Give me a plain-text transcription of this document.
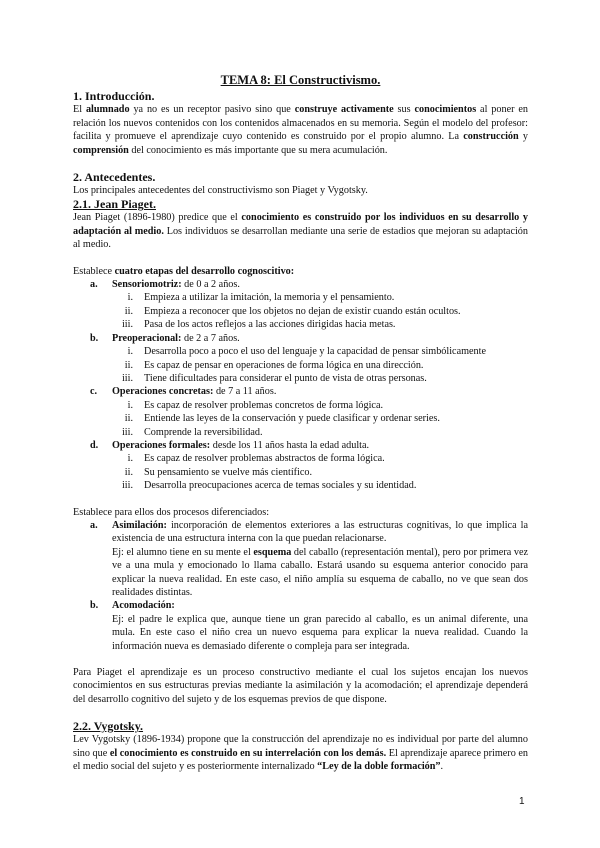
TEMA 8: El Constructivismo.
1. Introducción.

El alumnado ya no es un receptor pasivo sino que construye activamente sus conocimientos al poner en relación los nuevos contenidos con los contenidos almacenados en su memoria. Según el modelo del profesor: facilita y promueve el aprendizaje cuyo contenido es construido por el propio alumno. La construcción y comprensión del conocimiento es más importante que su mera acumulación.

2. Antecedentes.

Los principales antecedentes del constructivismo son Piaget y Vygotsky.

2.1. Jean Piaget.

Jean Piaget (1896-1980) predice que el conocimiento es construido por los individuos en su desarrollo y adaptación al medio. Los individuos se desarrollan mediante una serie de estadios que mejoran su adaptación al medio.

Establece cuatro etapas del desarrollo cognoscitivo:

a. Sensoriomotriz: de 0 a 2 años.
i. Empieza a utilizar la imitación, la memoria y el pensamiento.
ii. Empieza a reconocer que los objetos no dejan de existir cuando están ocultos.
iii. Pasa de los actos reflejos a las acciones dirigidas hacia metas.
b. Preoperacional: de 2 a 7 años.
i. Desarrolla poco a poco el uso del lenguaje y la capacidad de pensar simbólicamente
ii. Es capaz de pensar en operaciones de forma lógica en una dirección.
iii. Tiene dificultades para considerar el punto de vista de otras personas.
c. Operaciones concretas: de 7 a 11 años.
i. Es capaz de resolver problemas concretos de forma lógica.
ii. Entiende las leyes de la conservación y puede clasificar y ordenar series.
iii. Comprende la reversibilidad.
d. Operaciones formales: desde los 11 años hasta la edad adulta.
i. Es capaz de resolver problemas abstractos de forma lógica.
ii. Su pensamiento se vuelve más científico.
iii. Desarrolla preocupaciones acerca de temas sociales y su identidad.

Establece para ellos dos procesos diferenciados:

a. Asimilación: incorporación de elementos exteriores a las estructuras cognitivas, lo que implica la existencia de una estructura interna con la que puedan relacionarse.
Ej: el alumno tiene en su mente el esquema del caballo (representación mental), pero por primera vez ve a una mula y emocionado lo llama caballo. Estará usando su esquema anterior conocido para explicar la nueva realidad. En este caso, el niño amplía su esquema de caballo, no ve que sean dos realidades distintas.
b. Acomodación:
Ej: el padre le explica que, aunque tiene un gran parecido al caballo, es un animal diferente, una mula. En este caso el niño crea un nuevo esquema para explicar la nueva realidad. Cuando la información nueva es demasiado diferente o compleja para ser integrada.

Para Piaget el aprendizaje es un proceso constructivo mediante el cual los sujetos encajan los nuevos conocimientos en sus estructuras previas mediante la asimilación y la acomodación; el aprendizaje dependerá del desarrollo cognitivo del sujeto y de los esquemas previos de que dispone.

2.2. Vygotsky.

Lev Vygotsky (1896-1934) propone que la construcción del aprendizaje no es individual por parte del alumno sino que el conocimiento es construido en su interrelación con los demás. El aprendizaje aparece primero en el medio social del sujeto y es posteriormente internalizado “Ley de la doble formación”.

1
